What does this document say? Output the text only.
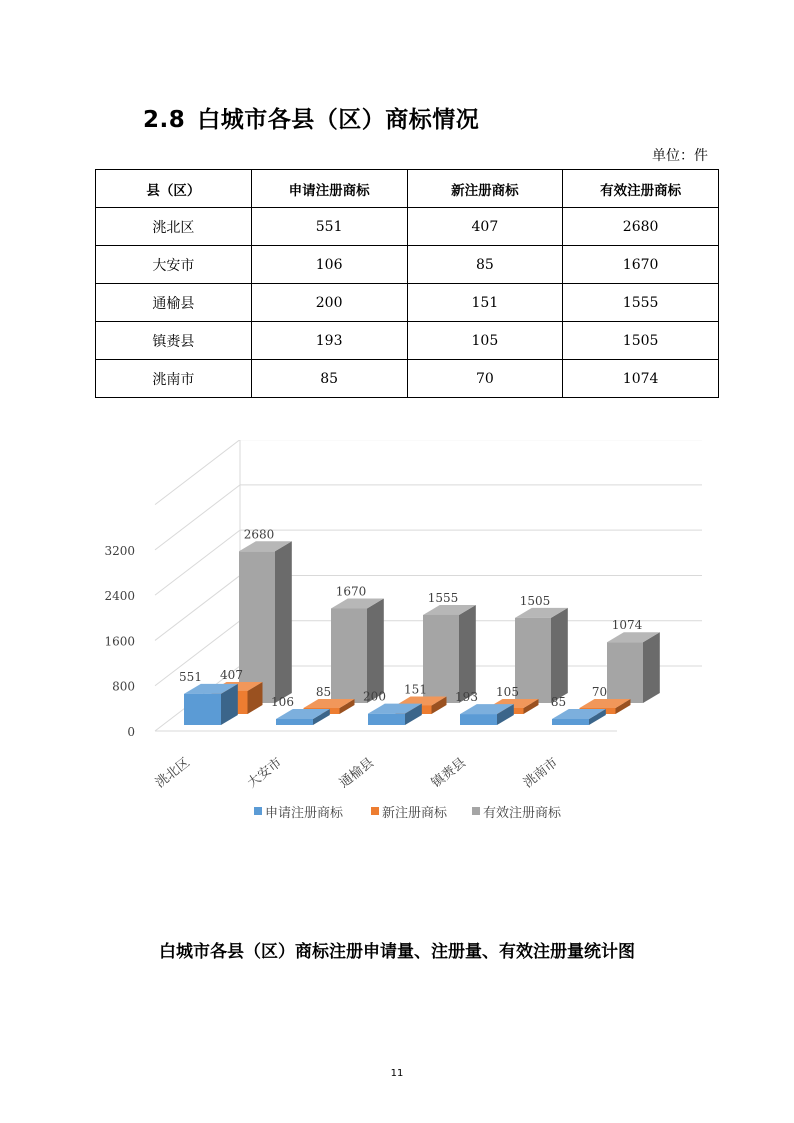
2.8 白城市各县（区）商标情况
单位：件
县（区）	申请注册商标	新注册商标	有效注册商标
洮北区	551	407	2680
大安市	106	85	1670
通榆县	200	151	1555
镇赉县	193	105	1505
洮南市	85	70	1074
0
800
1600
2400
3200
2680
1670	1555	1505
1074
407
85	151	105	70
551
106	200	193	85
洮北区	大安市	通榆县	镇赉县	洮南市
申请注册商标	新注册商标	有效注册商标
白城市各县（区）商标注册申请量、注册量、有效注册量统计图
11
